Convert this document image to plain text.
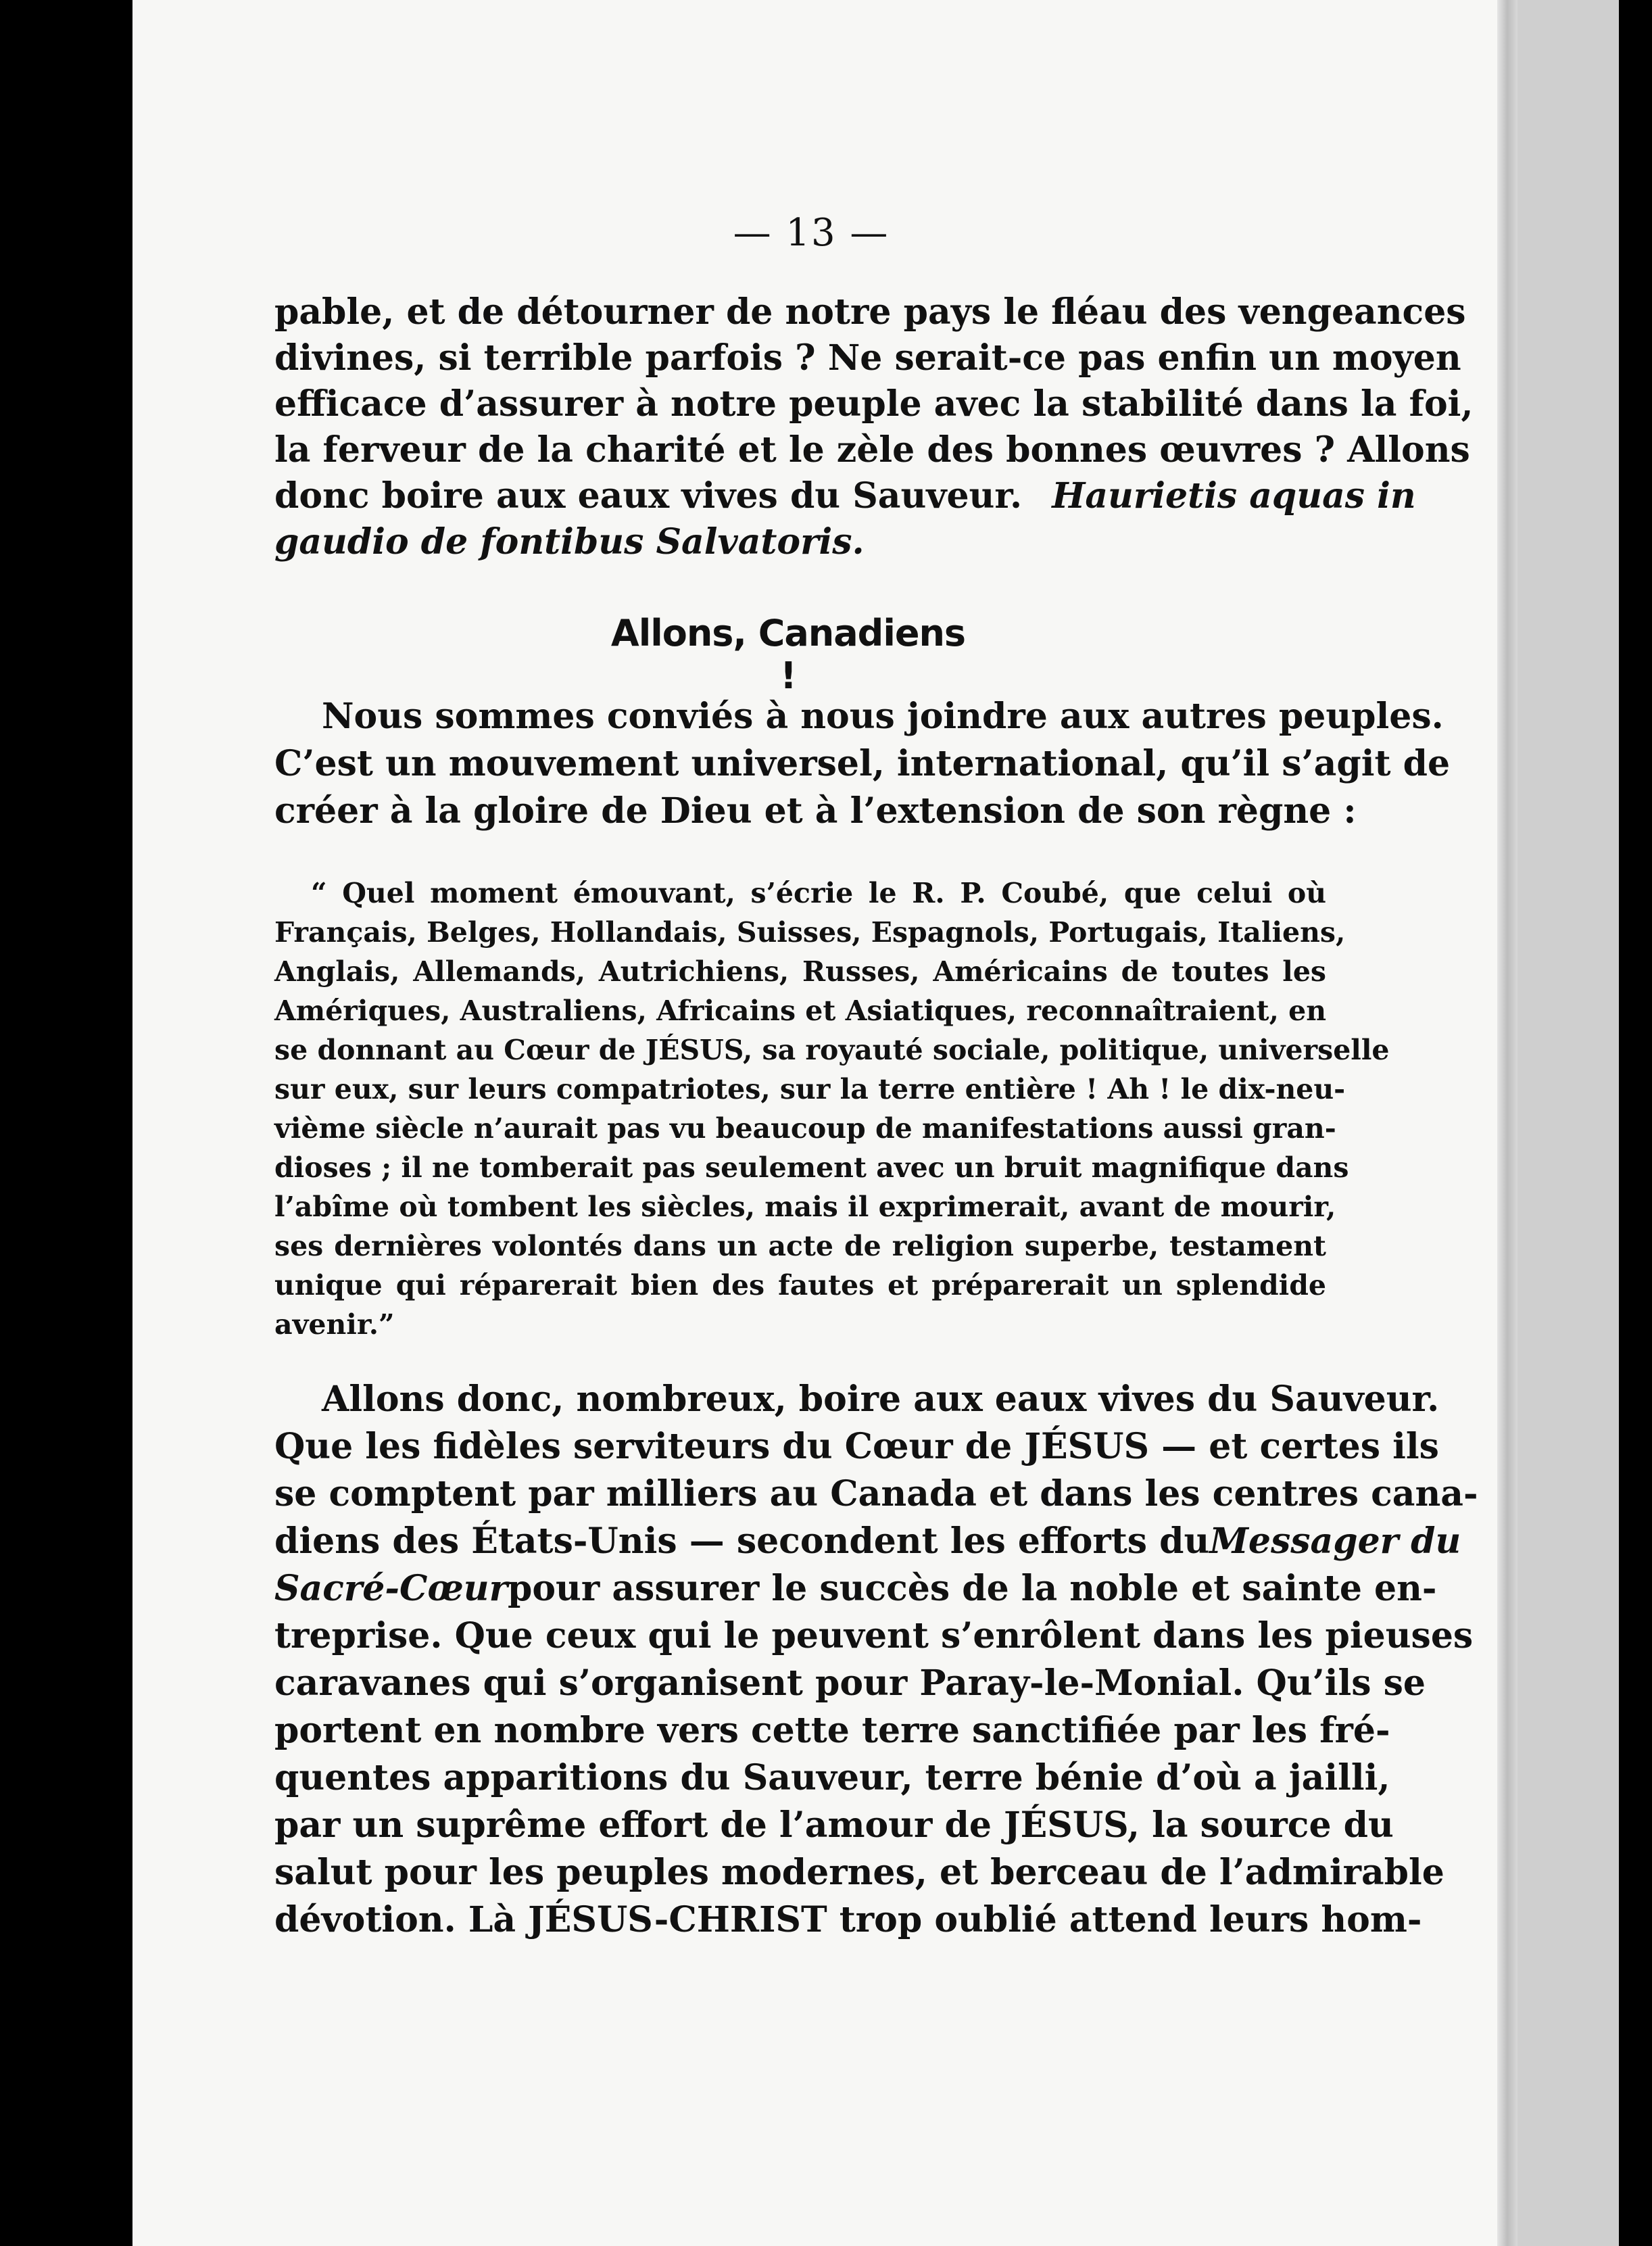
— 13 —
pable, et de détourner de notre pays le fléau des vengeances
divines, si terrible parfois ? Ne serait-ce pas enfin un moyen
efficace d’assurer à notre peuple avec la stabilité dans la foi,
la ferveur de la charité et le zèle des bonnes œuvres ? Allons
donc boire aux eaux vives du Sauveur. Haurietis aquas in
gaudio de fontibus Salvatoris.
Allons, Canadiens !
Nous sommes conviés à nous joindre aux autres peuples.
C’est un mouvement universel, international, qu’il s’agit de
créer à la gloire de Dieu et à l’extension de son règne :
“ Quel moment émouvant, s’écrie le R. P. Coubé, que celui où
Français, Belges, Hollandais, Suisses, Espagnols, Portugais, Italiens,
Anglais, Allemands, Autrichiens, Russes, Américains de toutes les
Amériques, Australiens, Africains et Asiatiques, reconnaîtraient, en
se donnant au Cœur de JÉSUS, sa royauté sociale, politique, universelle
sur eux, sur leurs compatriotes, sur la terre entière ! Ah ! le dix-neu-
vième siècle n’aurait pas vu beaucoup de manifestations aussi gran-
dioses ; il ne tomberait pas seulement avec un bruit magnifique dans
l’abîme où tombent les siècles, mais il exprimerait, avant de mourir,
ses dernières volontés dans un acte de religion superbe, testament
unique qui réparerait bien des fautes et préparerait un splendide
avenir.”
Allons donc, nombreux, boire aux eaux vives du Sauveur.
Que les fidèles serviteurs du Cœur de JÉSUS — et certes ils
se comptent par milliers au Canada et dans les centres cana-
diens des États-Unis — secondent les efforts du Messager du
Sacré-Cœur pour assurer le succès de la noble et sainte en-
treprise. Que ceux qui le peuvent s’enrôlent dans les pieuses
caravanes qui s’organisent pour Paray-le-Monial. Qu’ils se
portent en nombre vers cette terre sanctifiée par les fré-
quentes apparitions du Sauveur, terre bénie d’où a jailli,
par un suprême effort de l’amour de JÉSUS, la source du
salut pour les peuples modernes, et berceau de l’admirable
dévotion. Là JÉSUS-CHRIST trop oublié attend leurs hom-
